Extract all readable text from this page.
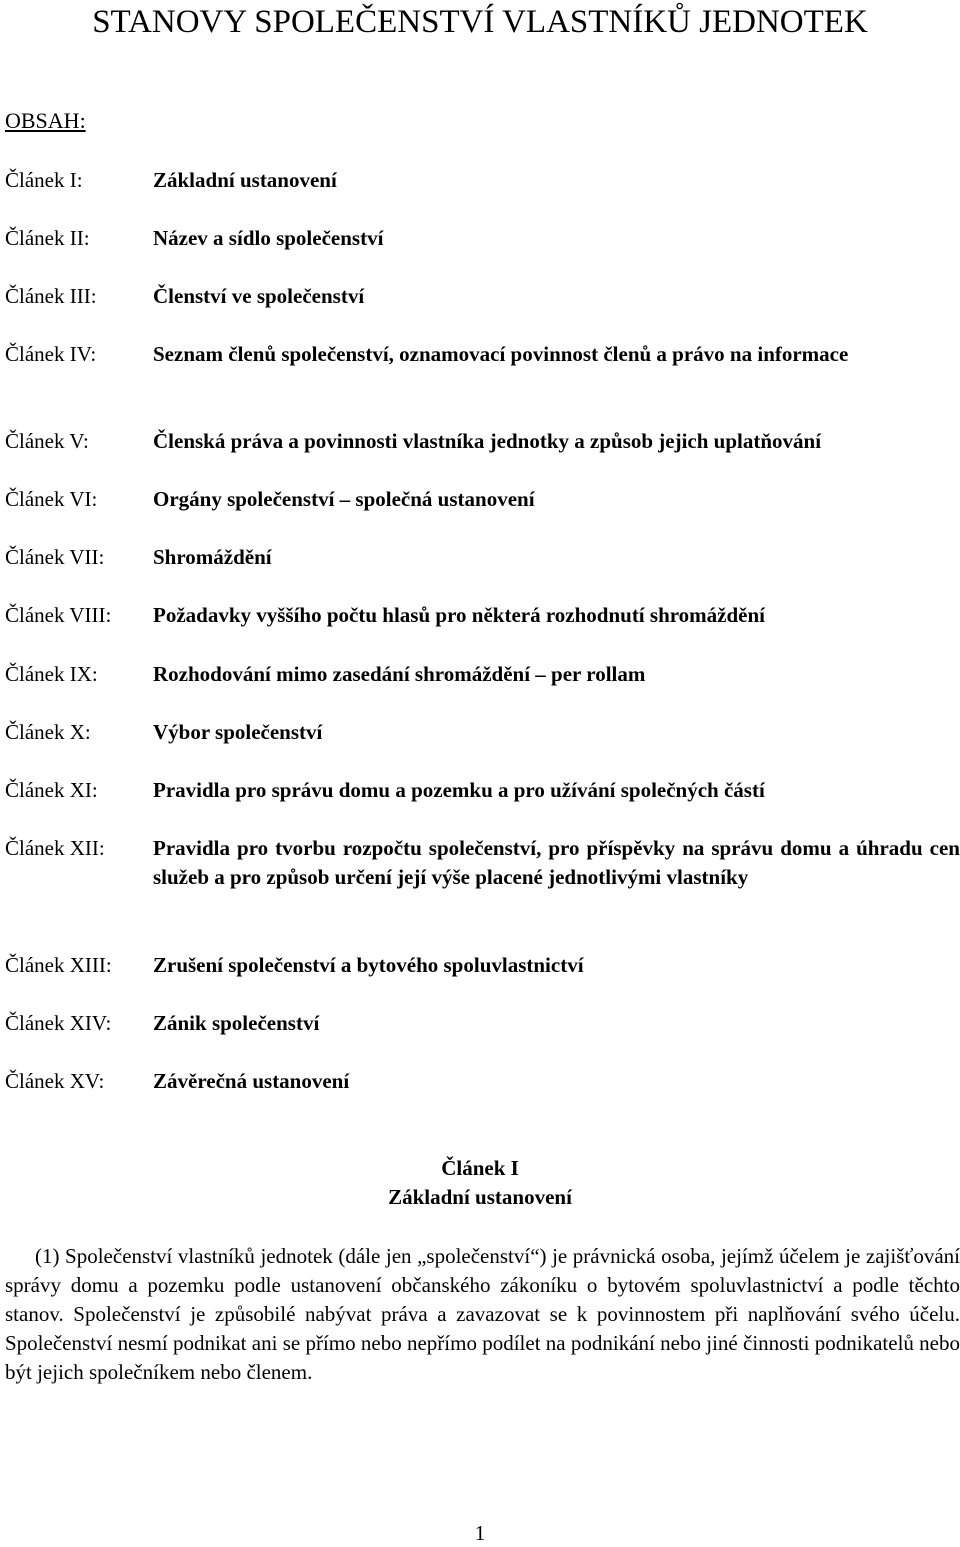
STANOVY SPOLEČENSTVÍ VLASTNÍKŮ JEDNOTEK
OBSAH:
Článek I:	Základní ustanovení
Článek II:	Název a sídlo společenství
Článek III:	Členství ve společenství
Článek IV:	Seznam členů společenství, oznamovací povinnost členů a právo na informace
Článek V:	Členská práva a povinnosti vlastníka jednotky a způsob jejich uplatňování
Článek VI:	Orgány společenství – společná ustanovení
Článek VII: Shromáždění
Článek VIII: Požadavky vyššího počtu hlasů pro některá rozhodnutí shromáždění
Článek IX:	Rozhodování mimo zasedání shromáždění – per rollam
Článek X:	Výbor společenství
Článek XI:	Pravidla pro správu domu a pozemku a pro užívání společných částí
Článek XII: Pravidla pro tvorbu rozpočtu společenství, pro příspěvky na správu domu a úhradu cen služeb a pro způsob určení její výše placené jednotlivými vlastníky
Článek XIII: Zrušení společenství a bytového spoluvlastnictví
Článek XIV: Zánik společenství
Článek XV: Závěrečná ustanovení
Článek I
Základní ustanovení
(1) Společenství vlastníků jednotek (dále jen „společenství“) je právnická osoba, jejímž účelem je zajišťování správy domu a pozemku podle ustanovení občanského zákoníku o bytovém spoluvlastnictví a podle těchto stanov. Společenství je způsobilé nabývat práva a zavazovat se k povinnostem při naplňování svého účelu. Společenství nesmí podnikat ani se přímo nebo nepřímo podílet na podnikání nebo jiné činnosti podnikatelů nebo být jejich společníkem nebo členem.
1
